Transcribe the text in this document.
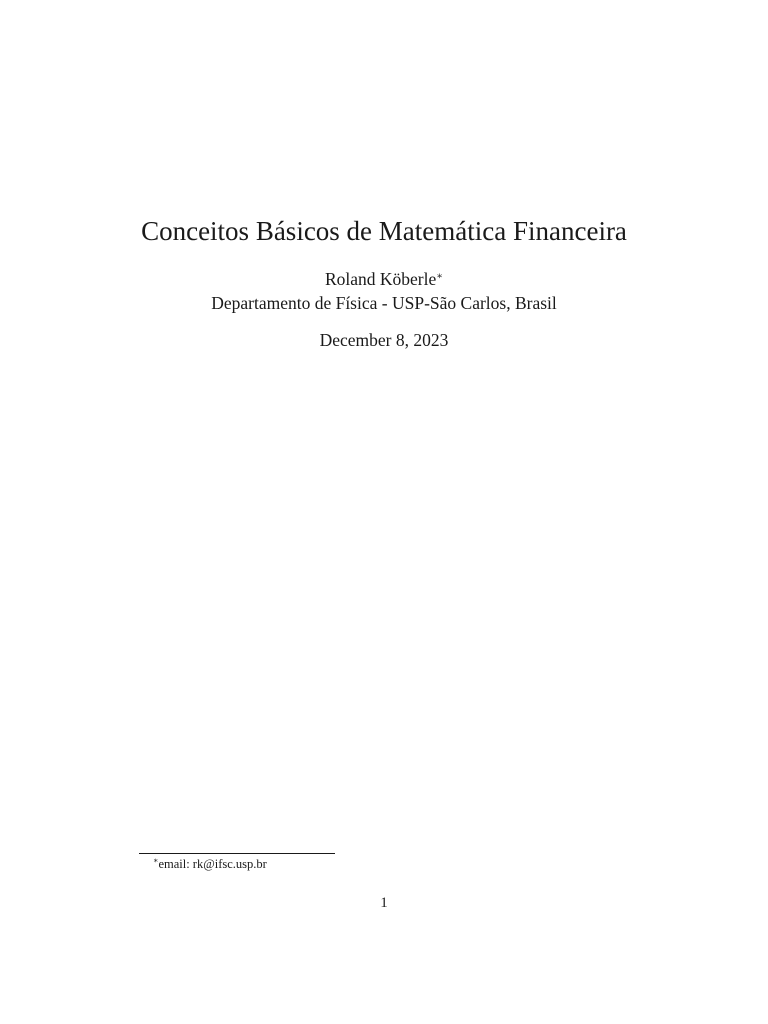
Conceitos Básicos de Matemática Financeira
Roland Köberle∗
Departamento de Física - USP-São Carlos, Brasil
December 8, 2023
∗email: rk@ifsc.usp.br
1
